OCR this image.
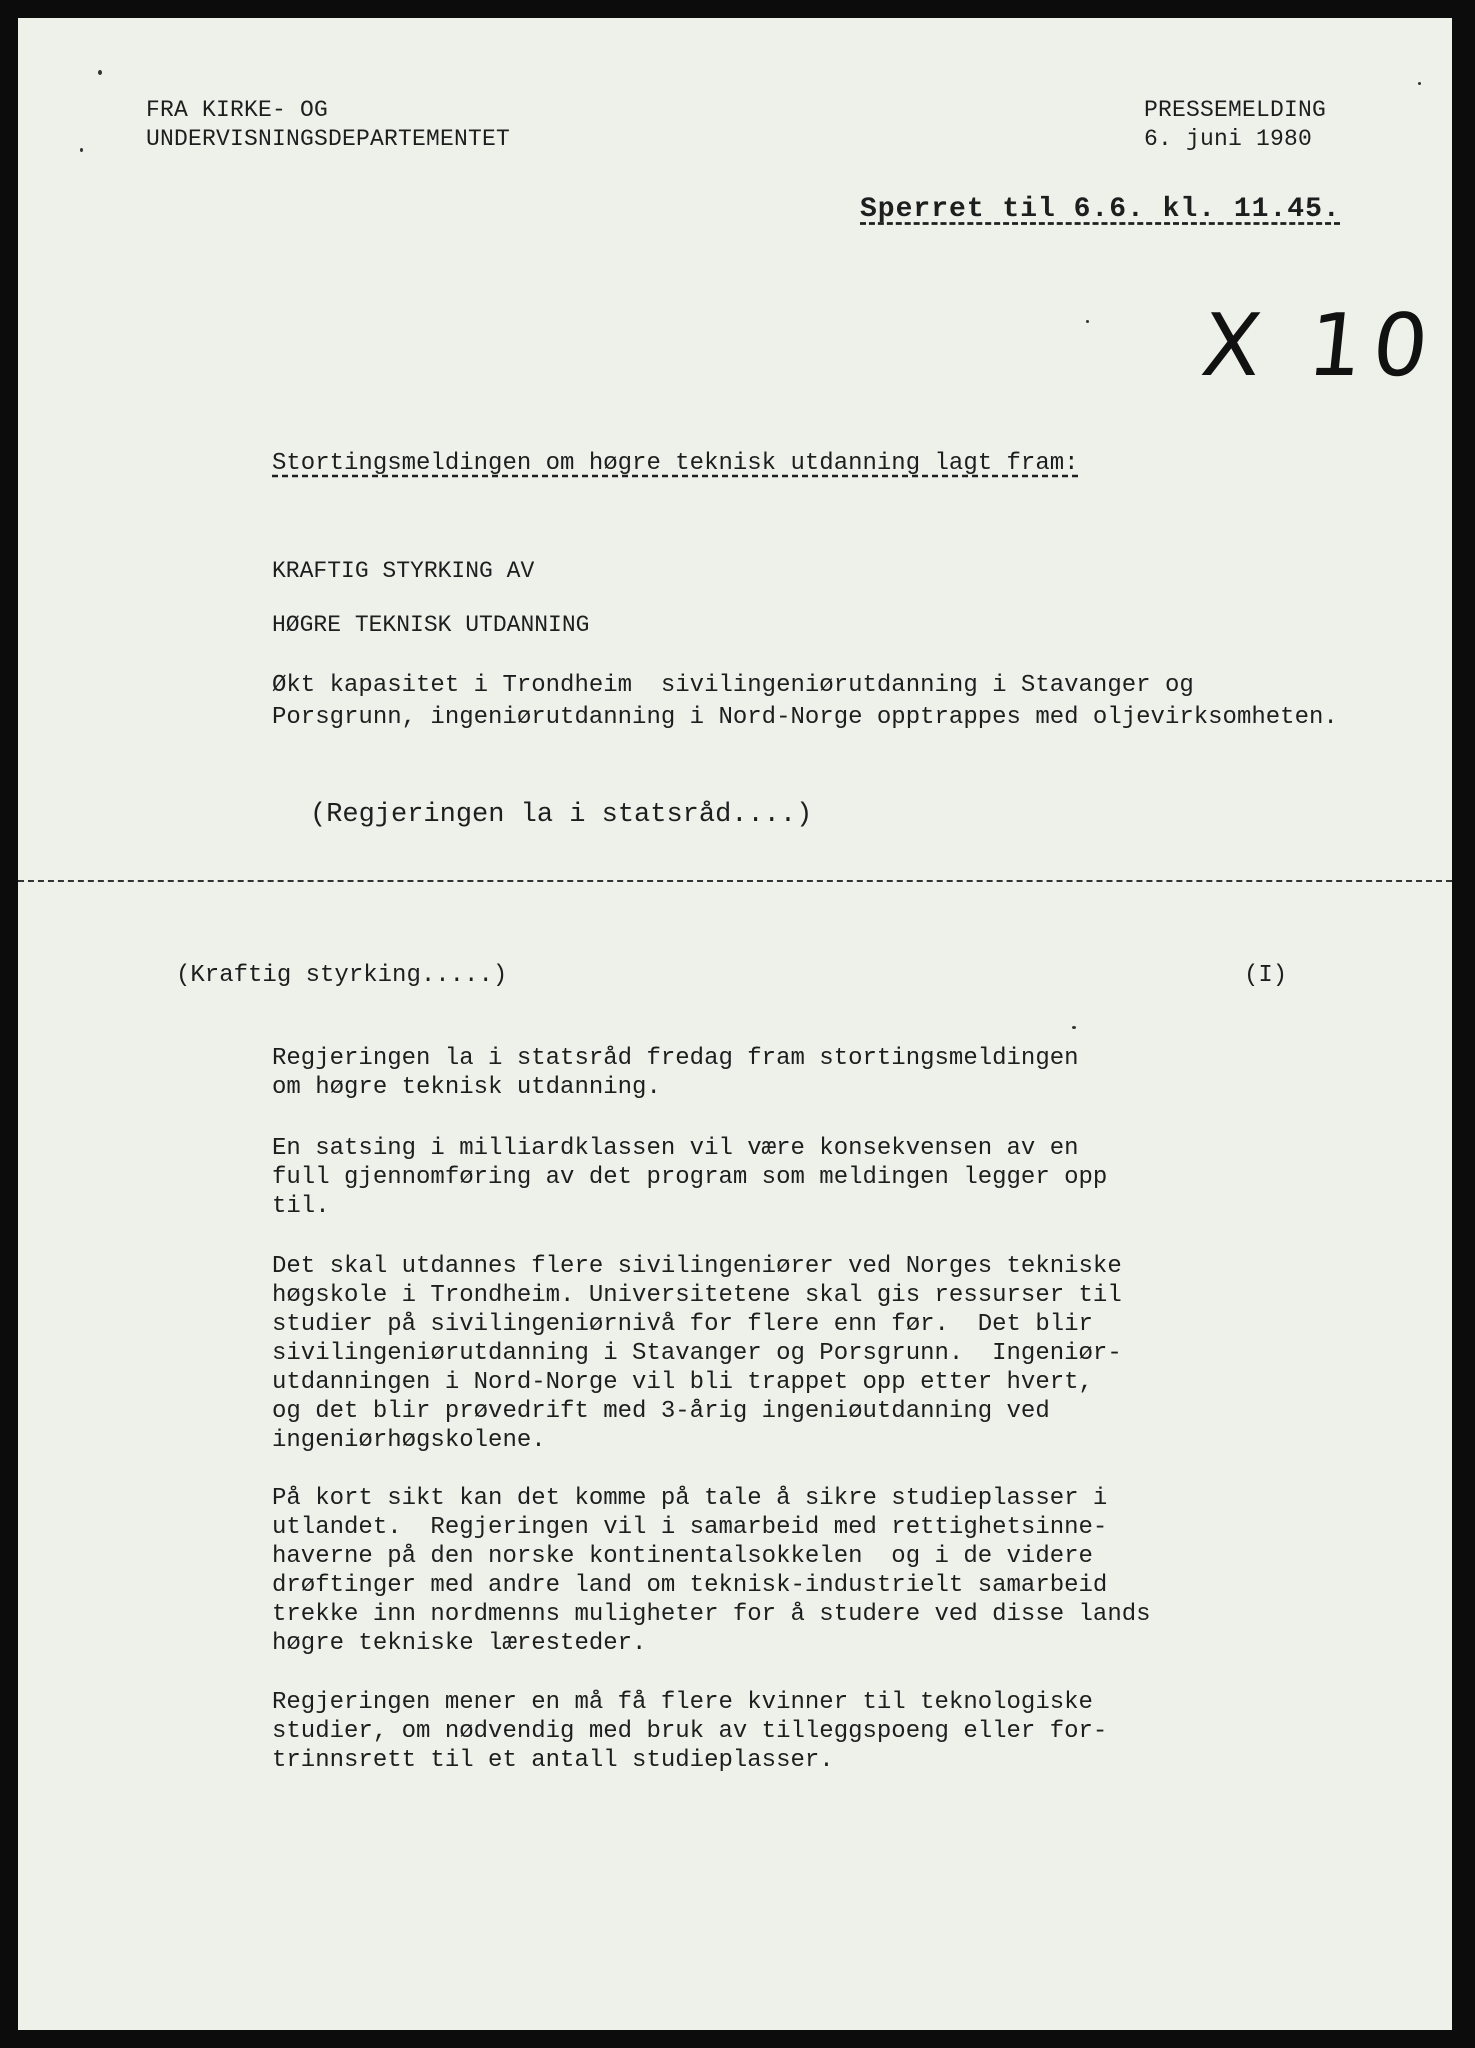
FRA KIRKE- OG
UNDERVISNINGSDEPARTEMENTET
PRESSEMELDING
6. juni 1980
Sperret til 6.6. kl. 11.45.
X 10
Stortingsmeldingen om høgre teknisk utdanning lagt fram:
KRAFTIG STYRKING AV
HØGRE TEKNISK UTDANNING
Økt kapasitet i Trondheim  sivilingeniørutdanning i Stavanger og
Porsgrunn, ingeniørutdanning i Nord-Norge opptrappes med oljevirksomheten.
(Regjeringen la i statsråd....)
(Kraftig styrking.....)	(I)
Regjeringen la i statsråd fredag fram stortingsmeldingen
om høgre teknisk utdanning.
En satsing i milliardklassen vil være konsekvensen av en
full gjennomføring av det program som meldingen legger opp
til.
Det skal utdannes flere sivilingeniører ved Norges tekniske
høgskole i Trondheim. Universitetene skal gis ressurser til
studier på sivilingeniørnivå for flere enn før.  Det blir
sivilingeniørutdanning i Stavanger og Porsgrunn.  Ingeniør-
utdanningen i Nord-Norge vil bli trappet opp etter hvert,
og det blir prøvedrift med 3-årig ingeniøutdanning ved
ingeniørhøgskolene.
På kort sikt kan det komme på tale å sikre studieplasser i
utlandet.  Regjeringen vil i samarbeid med rettighetsinne-
haverne på den norske kontinentalsokkelen  og i de videre
drøftinger med andre land om teknisk-industrielt samarbeid
trekke inn nordmenns muligheter for å studere ved disse lands
høgre tekniske læresteder.
Regjeringen mener en må få flere kvinner til teknologiske
studier, om nødvendig med bruk av tilleggspoeng eller for-
trinnsrett til et antall studieplasser.
